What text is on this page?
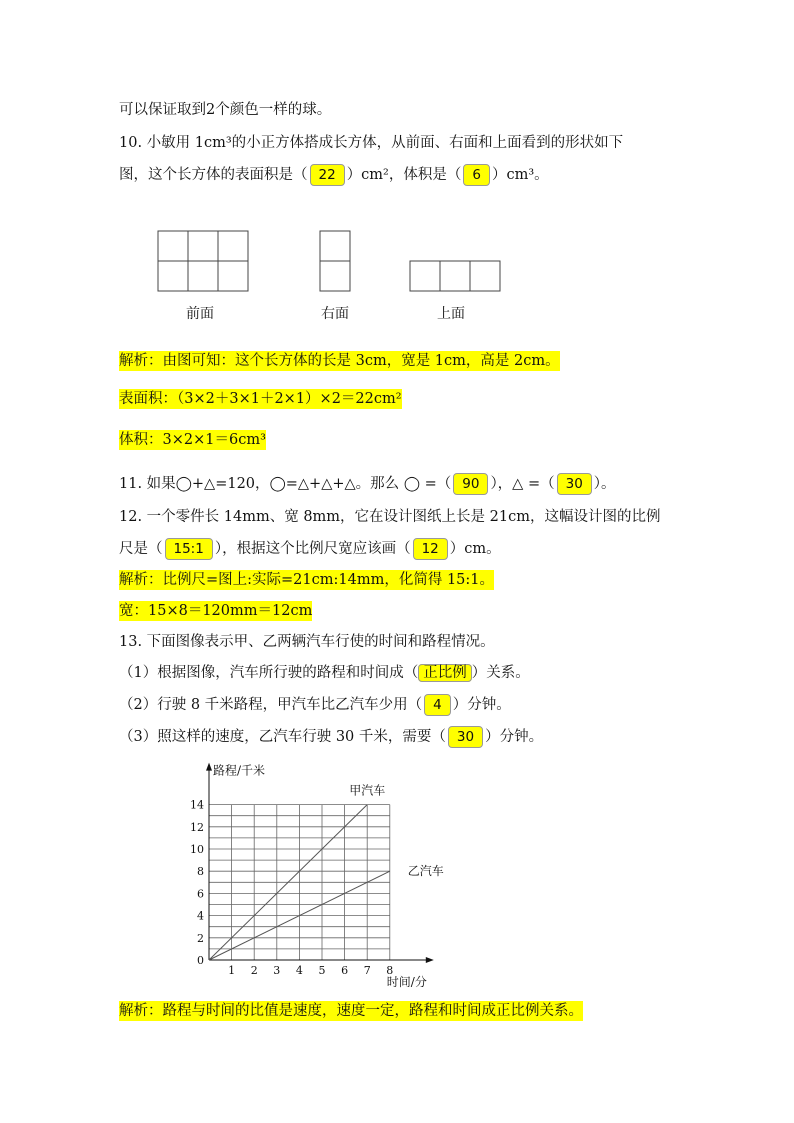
可以保证取到2个颜色一样的球。
10. 小敏用 1cm³的小正方体搭成长方体，从前面、右面和上面看到的形状如下
图，这个长方体的表面积是（ 22 ）cm²，体积是（ 6 ）cm³。
前面	右面	上面
解析：由图可知：这个长方体的长是 3cm，宽是 1cm，高是 2cm。
表面积：（3×2＋3×1＋2×1）×2＝22cm²
体积：3×2×1＝6cm³
11. 如果◯+△=120，◯=△+△+△。那么 ◯ =（ 90 ），△ =（ 30 ）。
12. 一个零件长 14mm、宽 8mm，它在设计图纸上长是 21cm，这幅设计图的比例
尺是（ 15:1 ），根据这个比例尺宽应该画（ 12 ）cm。
解析：比例尺=图上:实际=21cm:14mm，化简得 15:1。
宽：15×8＝120mm＝12cm
13. 下面图像表示甲、乙两辆汽车行使的时间和路程情况。
（1）根据图像，汽车所行驶的路程和时间成（ 正比例 ）关系。
（2）行驶 8 千米路程，甲汽车比乙汽车少用（ 4 ）分钟。
（3）照这样的速度，乙汽车行驶 30 千米，需要（ 30 ）分钟。
1 2 3 4 5 6 7 8
0
2
4
6
8
10
12
14
路程/千米
时间/分
甲汽车
乙汽车
解析：路程与时间的比值是速度，速度一定，路程和时间成正比例关系。
